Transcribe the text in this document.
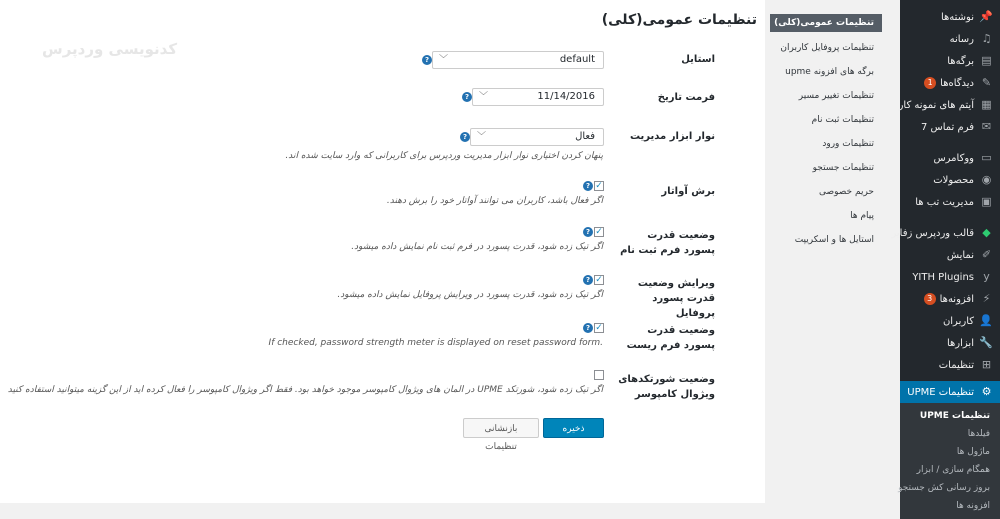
کدنویسی وردپرس
تنظیمات عمومی(کلی)
استایل
default
﹀
?
فرمت تاریخ
11/14/2016
﹀
?
نوار ابزار مدیریت
فعال
﹀
?
پنهان کردن اختیاری نوار ابزار مدیریت وردپرس برای کاربرانی که وارد سایت شده اند.
برش آواتار
✓
?
اگر فعال باشد، کاربران می توانند آواتار خود را برش دهند.
وضعیت قدرت پسورد فرم ثبت نام
✓
?
اگر تیک زده شود، قدرت پسورد در فرم ثبت نام نمایش داده میشود.
ویرایش وضعیت قدرت پسورد پروفایل
✓
?
اگر تیک زده شود، قدرت پسورد در ویرایش پروفایل نمایش داده میشود.
وضعیت قدرت پسورد فرم ریست
✓
?
If checked, password strength meter is displayed on reset password form.
وضعیت شورتکدهای ویژوال کامپوسر
اگر تیک زده شود، شورتکد UPME در المان های ویژوال کامپوسر موجود خواهد بود. فقط اگر ویژوال کامپوسر را فعال کرده اید از این گزینه میتوانید استفاده کنید
ذخیره تغییرات
بازنشانی تنظیمات
تنظیمات عمومی(کلی)
تنظیمات پروفایل کاربران
برگه های افزونه upme
تنظیمات تغییر مسیر
تنظیمات ثبت نام
تنظیمات ورود
تنظیمات جستجو
حریم خصوصی
پیام ها
استایل ها و اسکریپت
📌
نوشته‌ها
♫
رسانه
▤
برگه‌ها
✎
دیدگاه‌ها
1
▦
آیتم های نمونه کار
✉
فرم تماس 7
▭
ووکامرس
◉
محصولات
▣
مدیریت تب ها
◆
قالب وردپرس زفایر
✐
نمایش
y
YITH Plugins
⚡
افزونه‌ها
3
👤
کاربران
🔧
ابزارها
⊞
تنظیمات
⚙
تنظیمات UPME
تنظیمات UPME
فیلدها
ماژول ها
همگام سازی / ابزار
بروز رسانی کش جستجو
افزونه ها
